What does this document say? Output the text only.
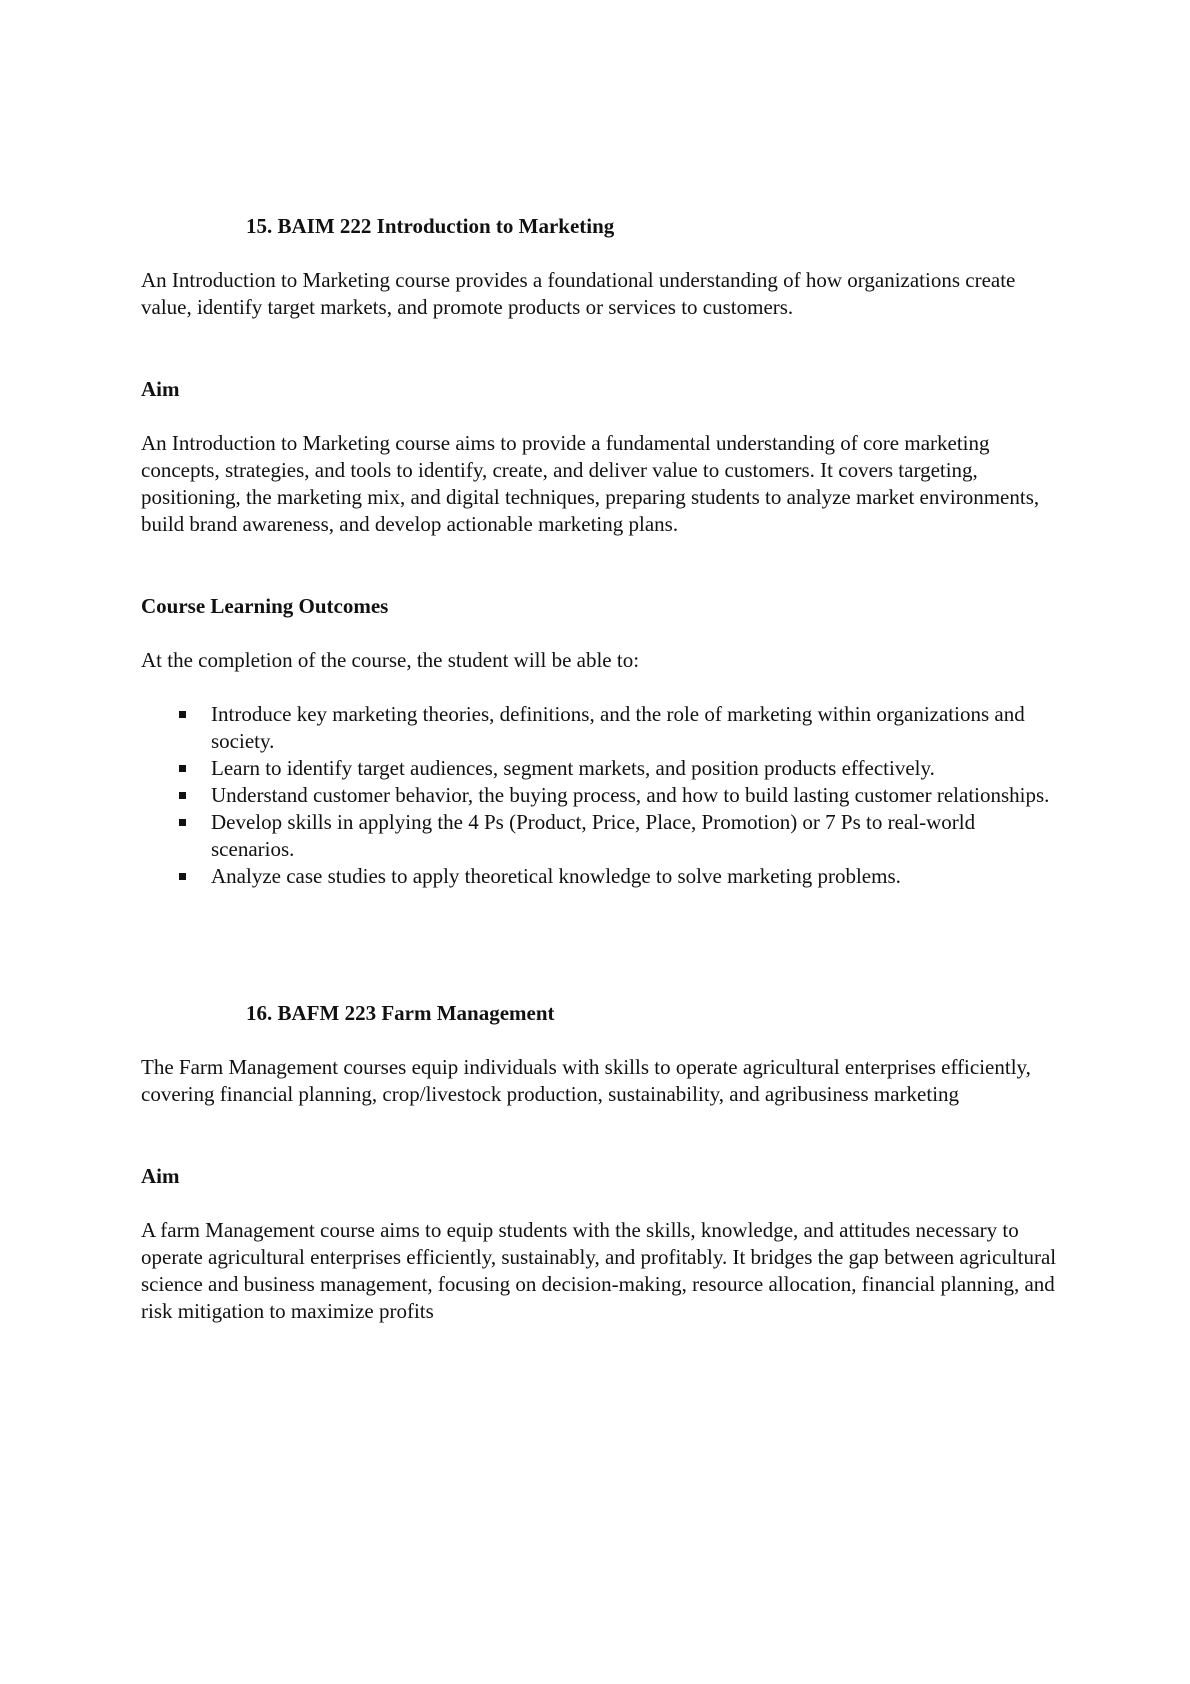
15. BAIM 222 Introduction to Marketing

An Introduction to Marketing course provides a foundational understanding of how organizations create value, identify target markets, and promote products or services to customers.

Aim

An Introduction to Marketing course aims to provide a fundamental understanding of core marketing concepts, strategies, and tools to identify, create, and deliver value to customers. It covers targeting, positioning, the marketing mix, and digital techniques, preparing students to analyze market environments, build brand awareness, and develop actionable marketing plans.

Course Learning Outcomes

At the completion of the course, the student will be able to:

Introduce key marketing theories, definitions, and the role of marketing within organizations and society.
Learn to identify target audiences, segment markets, and position products effectively.
Understand customer behavior, the buying process, and how to build lasting customer relationships.
Develop skills in applying the 4 Ps (Product, Price, Place, Promotion) or 7 Ps to real-world scenarios.
Analyze case studies to apply theoretical knowledge to solve marketing problems.
16. BAFM 223 Farm Management

The Farm Management courses equip individuals with skills to operate agricultural enterprises efficiently, covering financial planning, crop/livestock production, sustainability, and agribusiness marketing

Aim

A farm Management course aims to equip students with the skills, knowledge, and attitudes necessary to operate agricultural enterprises efficiently, sustainably, and profitably. It bridges the gap between agricultural science and business management, focusing on decision-making, resource allocation, financial planning, and risk mitigation to maximize profits
